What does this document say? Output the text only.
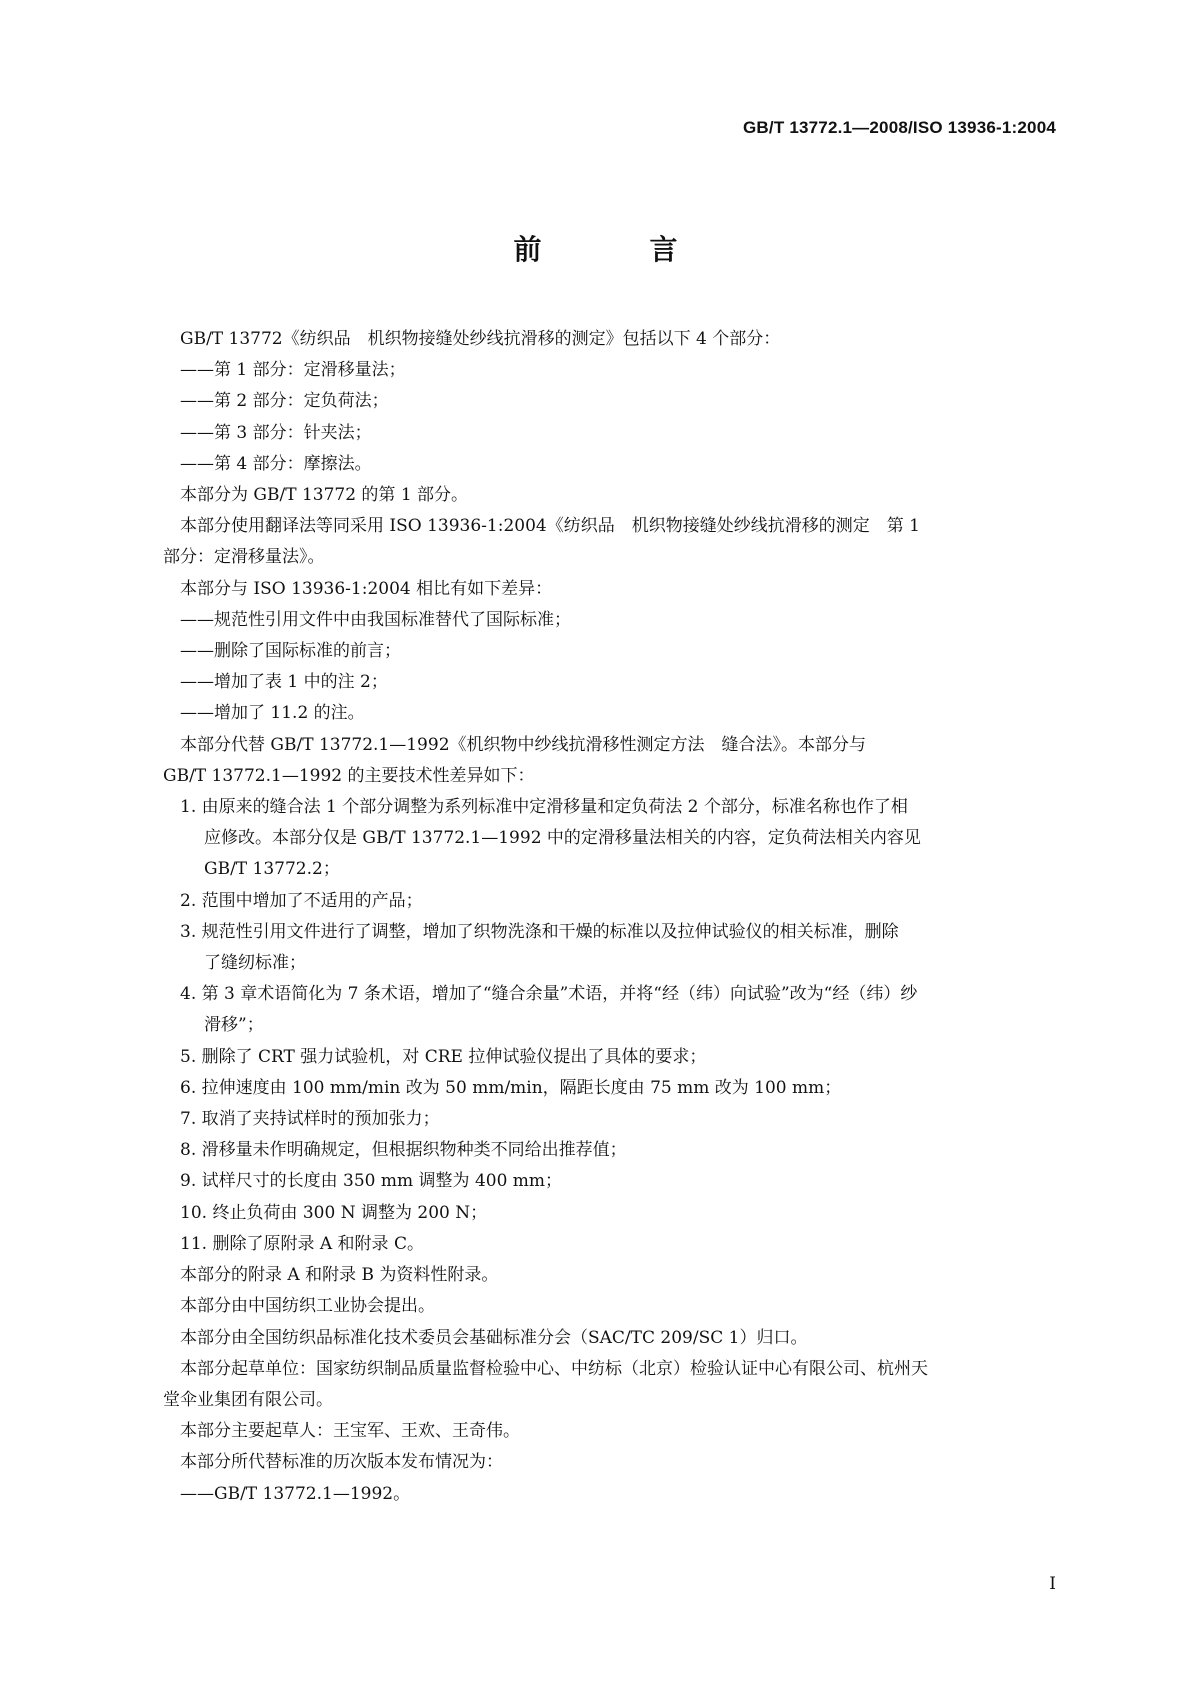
GB/T 13772.1—2008/ISO 13936-1:2004
前　言

GB/T 13772《纺织品　机织物接缝处纱线抗滑移的测定》包括以下 4 个部分：

——第 1 部分：定滑移量法；

——第 2 部分：定负荷法；

——第 3 部分：针夹法；

——第 4 部分：摩擦法。

本部分为 GB/T 13772 的第 1 部分。

本部分使用翻译法等同采用 ISO 13936-1:2004《纺织品　机织物接缝处纱线抗滑移的测定　第 1

部分：定滑移量法》。

本部分与 ISO 13936-1:2004 相比有如下差异：

——规范性引用文件中由我国标准替代了国际标准；

——删除了国际标准的前言；

——增加了表 1 中的注 2；

——增加了 11.2 的注。

本部分代替 GB/T 13772.1—1992《机织物中纱线抗滑移性测定方法　缝合法》。本部分与

GB/T 13772.1—1992 的主要技术性差异如下：

1. 由原来的缝合法 1 个部分调整为系列标准中定滑移量和定负荷法 2 个部分，标准名称也作了相

应修改。本部分仅是 GB/T 13772.1—1992 中的定滑移量法相关的内容，定负荷法相关内容见

GB/T 13772.2；

2. 范围中增加了不适用的产品；

3. 规范性引用文件进行了调整，增加了织物洗涤和干燥的标准以及拉伸试验仪的相关标准，删除

了缝纫标准；

4. 第 3 章术语简化为 7 条术语，增加了“缝合余量”术语，并将“经（纬）向试验”改为“经（纬）纱

滑移”；

5. 删除了 CRT 强力试验机，对 CRE 拉伸试验仪提出了具体的要求；

6. 拉伸速度由 100 mm/min 改为 50 mm/min，隔距长度由 75 mm 改为 100 mm；

7. 取消了夹持试样时的预加张力；

8. 滑移量未作明确规定，但根据织物种类不同给出推荐值；

9. 试样尺寸的长度由 350 mm 调整为 400 mm；

10. 终止负荷由 300 N 调整为 200 N；

11. 删除了原附录 A 和附录 C。

本部分的附录 A 和附录 B 为资料性附录。

本部分由中国纺织工业协会提出。

本部分由全国纺织品标准化技术委员会基础标准分会（SAC/TC 209/SC 1）归口。

本部分起草单位：国家纺织制品质量监督检验中心、中纺标（北京）检验认证中心有限公司、杭州天

堂伞业集团有限公司。

本部分主要起草人：王宝军、王欢、王奇伟。

本部分所代替标准的历次版本发布情况为：

——GB/T 13772.1—1992。

I
